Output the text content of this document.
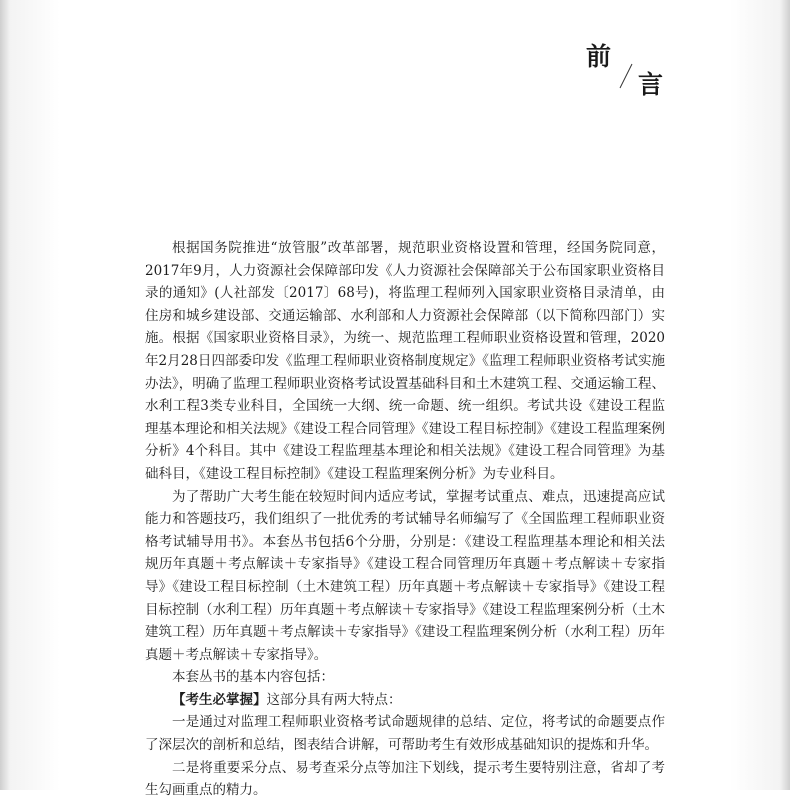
前
言

根据国务院推进“放管服”改革部署，规范职业资格设置和管理，经国务院同意，2017年9月，人力资源社会保障部印发《人力资源社会保障部关于公布国家职业资格目录的通知》(人社部发〔2017〕68号)，将监理工程师列入国家职业资格目录清单，由住房和城乡建设部、交通运输部、水利部和人力资源社会保障部（以下简称四部门）实施。根据《国家职业资格目录》，为统一、规范监理工程师职业资格设置和管理，2020年2月28日四部委印发《监理工程师职业资格制度规定》《监理工程师职业资格考试实施办法》，明确了监理工程师职业资格考试设置基础科目和土木建筑工程、交通运输工程、水利工程3类专业科目，全国统一大纲、统一命题、统一组织。考试共设《建设工程监理基本理论和相关法规》《建设工程合同管理》《建设工程目标控制》《建设工程监理案例分析》4个科目。其中《建设工程监理基本理论和相关法规》《建设工程合同管理》为基础科目，《建设工程目标控制》《建设工程监理案例分析》为专业科目。

为了帮助广大考生能在较短时间内适应考试，掌握考试重点、难点，迅速提高应试能力和答题技巧，我们组织了一批优秀的考试辅导名师编写了《全国监理工程师职业资格考试辅导用书》。本套丛书包括6个分册，分别是：《建设工程监理基本理论和相关法规历年真题＋考点解读＋专家指导》《建设工程合同管理历年真题＋考点解读＋专家指导》《建设工程目标控制（土木建筑工程）历年真题＋考点解读＋专家指导》《建设工程目标控制（水利工程）历年真题＋考点解读＋专家指导》《建设工程监理案例分析（土木建筑工程）历年真题＋考点解读＋专家指导》《建设工程监理案例分析（水利工程）历年真题＋考点解读＋专家指导》。

本套丛书的基本内容包括：

【考生必掌握】这部分具有两大特点：

一是通过对监理工程师职业资格考试命题规律的总结、定位，将考试的命题要点作了深层次的剖析和总结，图表结合讲解，可帮助考生有效形成基础知识的提炼和升华。

二是将重要采分点、易考查采分点等加注下划线，提示考生要特别注意，省却了考生勾画重点的精力。
